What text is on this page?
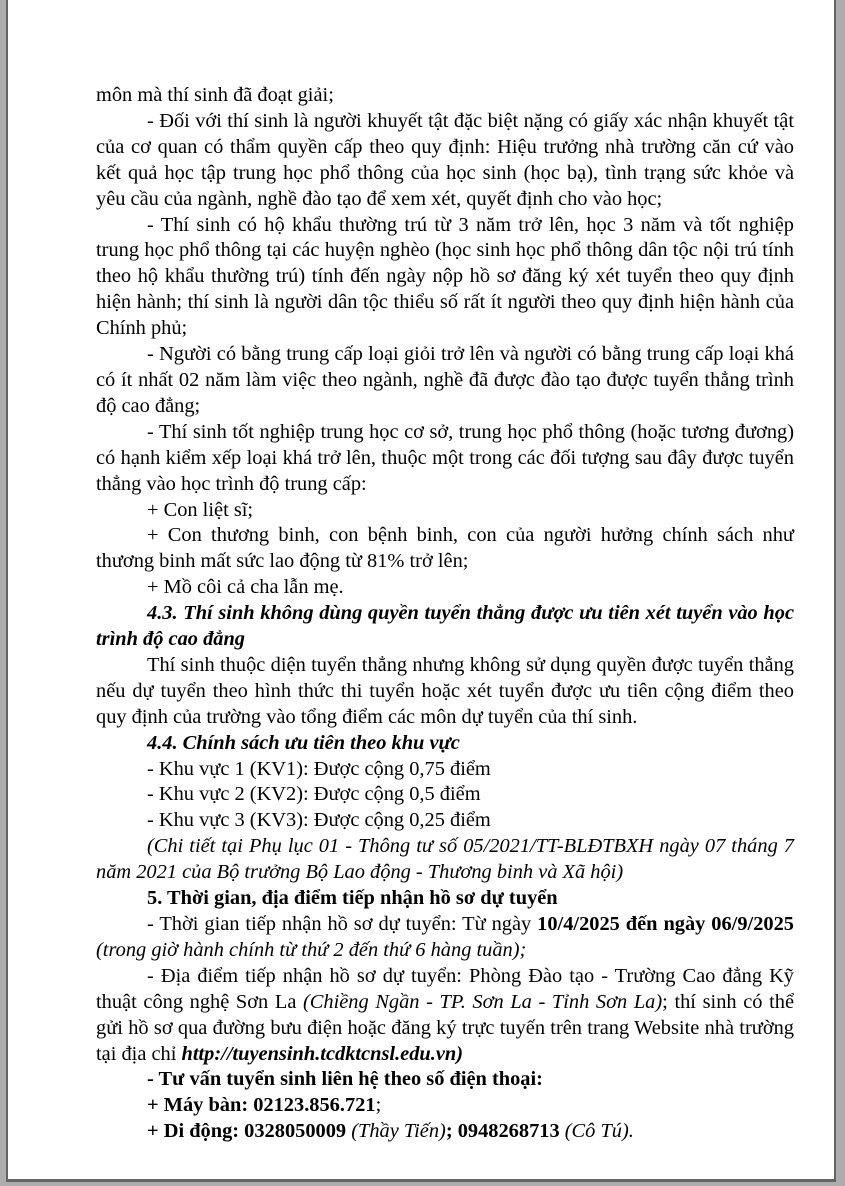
môn mà thí sinh đã đoạt giải;

- Đối với thí sinh là người khuyết tật đặc biệt nặng có giấy xác nhận khuyết tật của cơ quan có thẩm quyền cấp theo quy định: Hiệu trưởng nhà trường căn cứ vào kết quả học tập trung học phổ thông của học sinh (học bạ), tình trạng sức khỏe và yêu cầu của ngành, nghề đào tạo để xem xét, quyết định cho vào học;

- Thí sinh có hộ khẩu thường trú từ 3 năm trở lên, học 3 năm và tốt nghiệp trung học phổ thông tại các huyện nghèo (học sinh học phổ thông dân tộc nội trú tính theo hộ khẩu thường trú) tính đến ngày nộp hồ sơ đăng ký xét tuyển theo quy định hiện hành; thí sinh là người dân tộc thiểu số rất ít người theo quy định hiện hành của Chính phủ;

- Người có bằng trung cấp loại giỏi trở lên và người có bằng trung cấp loại khá có ít nhất 02 năm làm việc theo ngành, nghề đã được đào tạo được tuyển thẳng trình độ cao đẳng;

- Thí sinh tốt nghiệp trung học cơ sở, trung học phổ thông (hoặc tương đương) có hạnh kiểm xếp loại khá trở lên, thuộc một trong các đối tượng sau đây được tuyển thẳng vào học trình độ trung cấp:

+ Con liệt sĩ;

+ Con thương binh, con bệnh binh, con của người hưởng chính sách như thương binh mất sức lao động từ 81% trở lên;

+ Mồ côi cả cha lẫn mẹ.

4.3. Thí sinh không dùng quyền tuyển thẳng được ưu tiên xét tuyển vào học trình độ cao đẳng

Thí sinh thuộc diện tuyển thẳng nhưng không sử dụng quyền được tuyển thẳng nếu dự tuyển theo hình thức thi tuyển hoặc xét tuyển được ưu tiên cộng điểm theo quy định của trường vào tổng điểm các môn dự tuyển của thí sinh.

4.4. Chính sách ưu tiên theo khu vực

- Khu vực 1 (KV1): Được cộng 0,75 điểm

- Khu vực 2 (KV2): Được cộng 0,5 điểm

- Khu vực 3 (KV3): Được cộng 0,25 điểm

(Chi tiết tại Phụ lục 01 - Thông tư số 05/2021/TT-BLĐTBXH ngày 07 tháng 7 năm 2021 của Bộ trưởng Bộ Lao động - Thương binh và Xã hội)

5. Thời gian, địa điểm tiếp nhận hồ sơ dự tuyển

- Thời gian tiếp nhận hồ sơ dự tuyển: Từ ngày 10/4/2025 đến ngày 06/9/2025 (trong giờ hành chính từ thứ 2 đến thứ 6 hàng tuần);

- Địa điểm tiếp nhận hồ sơ dự tuyển: Phòng Đào tạo - Trường Cao đẳng Kỹ thuật công nghệ Sơn La (Chiềng Ngần - TP. Sơn La - Tỉnh Sơn La); thí sinh có thể gửi hồ sơ qua đường bưu điện hoặc đăng ký trực tuyến trên trang Website nhà trường tại địa chỉ http://tuyensinh.tcdktcnsl.edu.vn)

- Tư vấn tuyển sinh liên hệ theo số điện thoại:

+ Máy bàn: 02123.856.721;

+ Di động: 0328050009 (Thầy Tiến); 0948268713 (Cô Tú).
